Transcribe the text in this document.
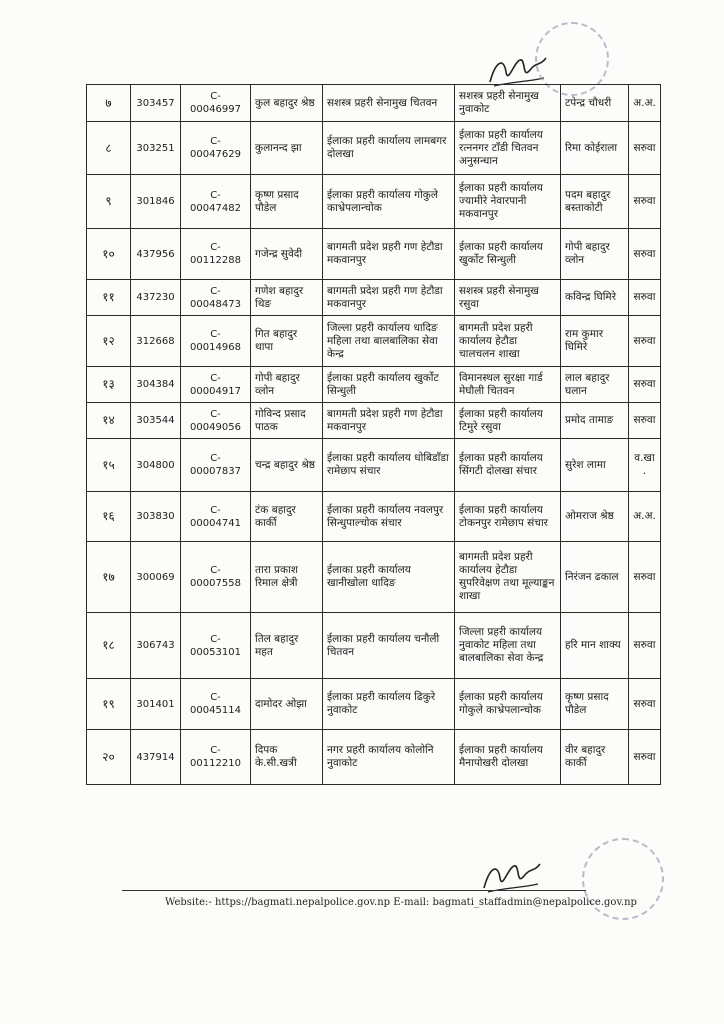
७	303457	C-00046997	कुल बहादुर श्रेष्ठ	सशस्त्र प्रहरी सेनामुख चितवन	सशस्त्र प्रहरी सेनामुख नुवाकोट	टपेन्द्र चौधरी	अ.अ.
८	303251	C-00047629	कुलानन्द झा	ईलाका प्रहरी कार्यालय लामबगर दोलखा	ईलाका प्रहरी कार्यालय रत्ननगर टाँडी चितवन अनुसन्धान	रिमा कोईराला	सरुवा
९	301846	C-00047482	कृष्ण प्रसाद पौडेल	ईलाका प्रहरी कार्यालय गोकुले काभ्रेपलान्चोक	ईलाका प्रहरी कार्यालय ज्यामीरे नेवारपानी मकवानपुर	पदम बहादुर बस्ताकोटी	सरुवा
१०	437956	C-00112288	गजेन्द्र सुवेदी	बागमती प्रदेश प्रहरी गण हेटौडा मकवानपुर	ईलाका प्रहरी कार्यालय खुर्कोट सिन्धुली	गोपी बहादुर व्लोन	सरुवा
११	437230	C-00048473	गणेश बहादुर थिङ	बागमती प्रदेश प्रहरी गण हेटौडा मकवानपुर	सशस्त्र प्रहरी सेनामुख रसुवा	कविन्द्र घिमिरे	सरुवा
१२	312668	C-00014968	गित बहादुर थापा	जिल्ला प्रहरी कार्यालय धादिङ महिला तथा बालबालिका सेवा केन्द्र	बागमती प्रदेश प्रहरी कार्यालय हेटौडा चालचलन शाखा	राम कुमार घिमिरे	सरुवा
१३	304384	C-00004917	गोपी बहादुर व्लोन	ईलाका प्रहरी कार्यालय खुर्कोट सिन्धुली	विमानस्थल सुरक्षा गार्ड मेघौली चितवन	लाल बहादुर घलान	सरुवा
१४	303544	C-00049056	गोविन्द प्रसाद पाठक	बागमती प्रदेश प्रहरी गण हेटौडा मकवानपुर	ईलाका प्रहरी कार्यालय टिमुरे रसुवा	प्रमोद तामाङ	सरुवा
१५	304800	C-00007837	चन्द्र बहादुर श्रेष्ठ	ईलाका प्रहरी कार्यालय धोबिडाँडा रामेछाप संचार	ईलाका प्रहरी कार्यालय सिंगटी दोलखा संचार	सुरेश लामा	व.खा.
१६	303830	C-00004741	टंक बहादुर कार्की	ईलाका प्रहरी कार्यालय नवलपुर सिन्धुपाल्चोक संचार	ईलाका प्रहरी कार्यालय टोकनपुर रामेछाप संचार	ओमराज श्रेष्ठ	अ.अ.
१७	300069	C-00007558	तारा प्रकाश रिमाल क्षेत्री	ईलाका प्रहरी कार्यालय खानीखोला धादिङ	बागमती प्रदेश प्रहरी कार्यालय हेटौडा सुपरिवेक्षण तथा मूल्याङ्कन शाखा	निरंजन ढकाल	सरुवा
१८	306743	C-00053101	तिल बहादुर महत	ईलाका प्रहरी कार्यालय चनौली चितवन	जिल्ला प्रहरी कार्यालय नुवाकोट महिला तथा बालबालिका सेवा केन्द्र	हरि मान शाक्य	सरुवा
१९	301401	C-00045114	दामोदर ओझा	ईलाका प्रहरी कार्यालय ढिकुरे नुवाकोट	ईलाका प्रहरी कार्यालय गोकुले काभ्रेपलान्चोक	कृष्ण प्रसाद पौडेल	सरुवा
२०	437914	C-00112210	दिपक के.सी.खत्री	नगर प्रहरी कार्यालय कोलोनि नुवाकोट	ईलाका प्रहरी कार्यालय मैनापोखरी दोलखा	वीर बहादुर कार्की	सरुवा
Website:- https://bagmati.nepalpolice.gov.np E-mail: bagmati_staffadmin@nepalpolice.gov.np
